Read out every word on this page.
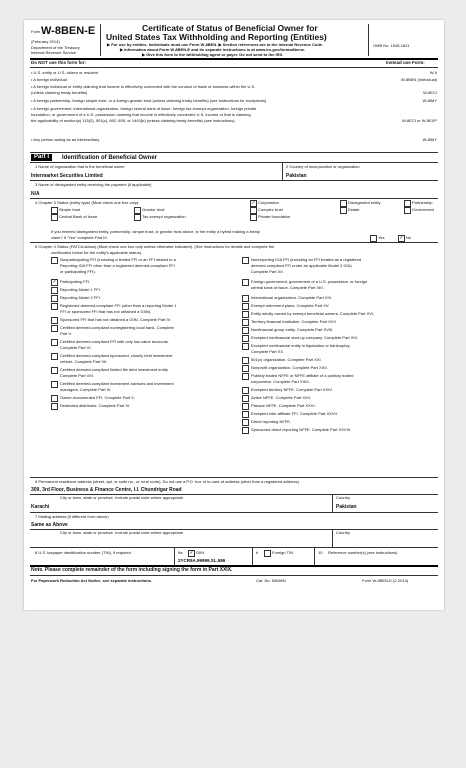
Form W-8BEN-E
(February 2014)
Department of the Treasury
Internal Revenue Service
Certificate of Status of Beneficial Owner for
United States Tax Withholding and Reporting (Entities)
▶ For use by entities. Individuals must use Form W-8BEN. ▶ Section references are to the Internal Revenue Code.
▶ Information about Form W-8BEN-E and its separate instructions is at www.irs.gov/formw8bene.
▶ Give this form to the withholding agent or payer. Do not send to the IRS.
OMB No. 1545-1621
Do NOT use this form for:	Instead use Form:
• U.S. entity or U.S. citizen or resident	W-9
• A foreign individual	W-8BEN (Individual)
• A foreign individual or entity claiming that income is effectively connected with the conduct of trade or business within the U.S.
(unless claiming treaty benefits)	W-8ECI
• A foreign partnership, foreign simple trust, or a foreign grantor trust (unless claiming treaty benefits) (see instructions for exceptions)	W-8IMY
• A foreign government, international organization, foreign central bank of issue, foreign tax-exempt organization, foreign private
foundation, or government of a U.S. possession claiming that income is effectively connected U.S. income or that is claiming
the applicability of section(s) 115(2), 501(c), 892, 895, or 1443(b) (unless claiming treaty benefits) (see instructions)	W-8ECI or W-8EXP
• Any person acting as an intermediary	W-8IMY
Part I	Identification of Beneficial Owner
1 Name of organization that is the beneficial owner	2 Country of incorporation or organization
Intermarket Securities Limited	Pakistan
3 Name of disregarded entity receiving the payment (if applicable)
N/A
4 Chapter 3 Status (entity type) (Must check one box only):	✓ Corporation	Disregarded entity	Partnership
Simple trust	Grantor trust	Complex trust	Estate	Government
Central Bank of Issue	Tax-exempt organization	Private foundation
If you entered disregarded entity, partnership, simple trust, or grantor trust above, is the entity a hybrid making a treaty
claim? If "Yes" complete Part III.	Yes	✓ No
5 Chapter 4 Status (FATCA status) (Must check one box only unless otherwise indicated). (See instructions for details and complete the
certification below for the entity's applicable status).
Nonparticipating FFI (including a limited FFI or an FFI related to a
Reporting IGA FFI other than a registered deemed-compliant FFI
or participating FFI).
✓ Participating FFI.
Reporting Model 1 FFI.
Reporting Model 2 FFI.
Registered deemed-compliant FFI (other than a reporting Model 1
FFI or sponsored FFI that has not obtained a GIIN).
Sponsored FFI that has not obtained a GIIN. Complete Part IV.
Certified deemed-compliant nonregistering local bank. Complete
Part V.
Certified deemed-compliant FFI with only low-value accounts.
Complete Part VI.
Certified deemed-compliant sponsored, closely held investment
vehicle. Complete Part VII.
Certified deemed-compliant limited life debt investment entity.
Complete Part VIII.
Certified deemed-compliant investment advisors and investment
managers. Complete Part IX.
Owner-documented FFI. Complete Part X.
Restricted distributor. Complete Part XI.
Nonreporting IGA FFI (including an FFI treated as a registered
deemed-compliant FFI under an applicable Model 2 IGA).
Complete Part XII.
Foreign government, government of a U.S. possession, or foreign
central bank of issue. Complete Part XIII.
International organization. Complete Part XIV.
Exempt retirement plans. Complete Part XV.
Entity wholly owned by exempt beneficial owners. Complete Part XVI.
Territory financial institution. Complete Part XVII.
Nonfinancial group entity. Complete Part XVIII.
Excepted nonfinancial start-up company. Complete Part XIX.
Excepted nonfinancial entity in liquidation or bankruptcy.
Complete Part XX.
501(c) organization. Complete Part XXI.
Nonprofit organization. Complete Part XXII.
Publicly traded NFFE or NFFE affiliate of a publicly traded
corporation. Complete Part XXIII.
Excepted territory NFFE. Complete Part XXIV.
Active NFFE. Complete Part XXV.
Passive NFFE. Complete Part XXVI.
Excepted inter-affiliate FFI. Complete Part XXVII.
Direct reporting NFFE.
Sponsored direct reporting NFFE. Complete Part XXVIII.
6 Permanent residence address (street, apt. or suite no., or rural route). Do not use a P.O. box or in-care-of address (other than a registered address).
309, 3rd Floor, Business & Finance Centre, I.I. Chundrigar Road
City or town, state or province. Include postal code where appropriate.	Country
Karachi	Pakistan
7 Mailing address (if different from above)
Same as Above
City or town, state or province. Include postal code where appropriate.	Country
8 U.S. taxpayer identification number (TIN), if required	9a ✓ GIIN
2YCR9A.99999.SL.586
b	Foreign TIN	10 Reference number(s) (see instructions)
Note. Please complete remainder of the form including signing the form in Part XXIX.
For Paperwork Reduction Act Notice, see separate instructions.	Cat. No. 59689N	Form W-8BEN-E (2-2014)
